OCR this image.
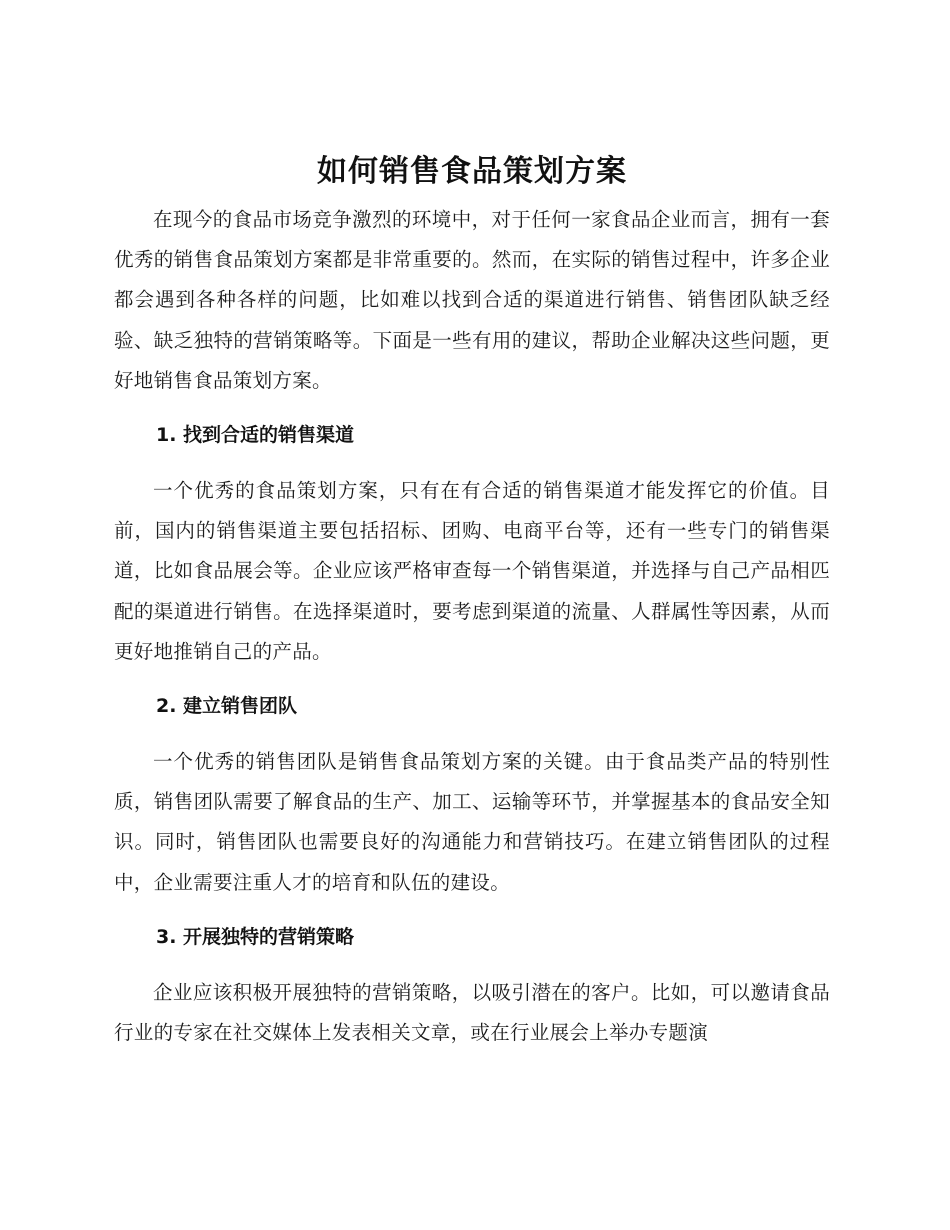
如何销售食品策划方案

在现今的食品市场竞争激烈的环境中，对于任何一家食品企业而言，拥有一套优秀的销售食品策划方案都是非常重要的。然而，在实际的销售过程中，许多企业都会遇到各种各样的问题，比如难以找到合适的渠道进行销售、销售团队缺乏经验、缺乏独特的营销策略等。下面是一些有用的建议，帮助企业解决这些问题，更好地销售食品策划方案。

1. 找到合适的销售渠道

一个优秀的食品策划方案，只有在有合适的销售渠道才能发挥它的价值。目前，国内的销售渠道主要包括招标、团购、电商平台等，还有一些专门的销售渠道，比如食品展会等。企业应该严格审查每一个销售渠道，并选择与自己产品相匹配的渠道进行销售。在选择渠道时，要考虑到渠道的流量、人群属性等因素，从而更好地推销自己的产品。

2. 建立销售团队

一个优秀的销售团队是销售食品策划方案的关键。由于食品类产品的特别性质，销售团队需要了解食品的生产、加工、运输等环节，并掌握基本的食品安全知识。同时，销售团队也需要良好的沟通能力和营销技巧。在建立销售团队的过程中，企业需要注重人才的培育和队伍的建设。

3. 开展独特的营销策略

企业应该积极开展独特的营销策略，以吸引潜在的客户。比如，可以邀请食品行业的专家在社交媒体上发表相关文章，或在行业展会上举办专题演
